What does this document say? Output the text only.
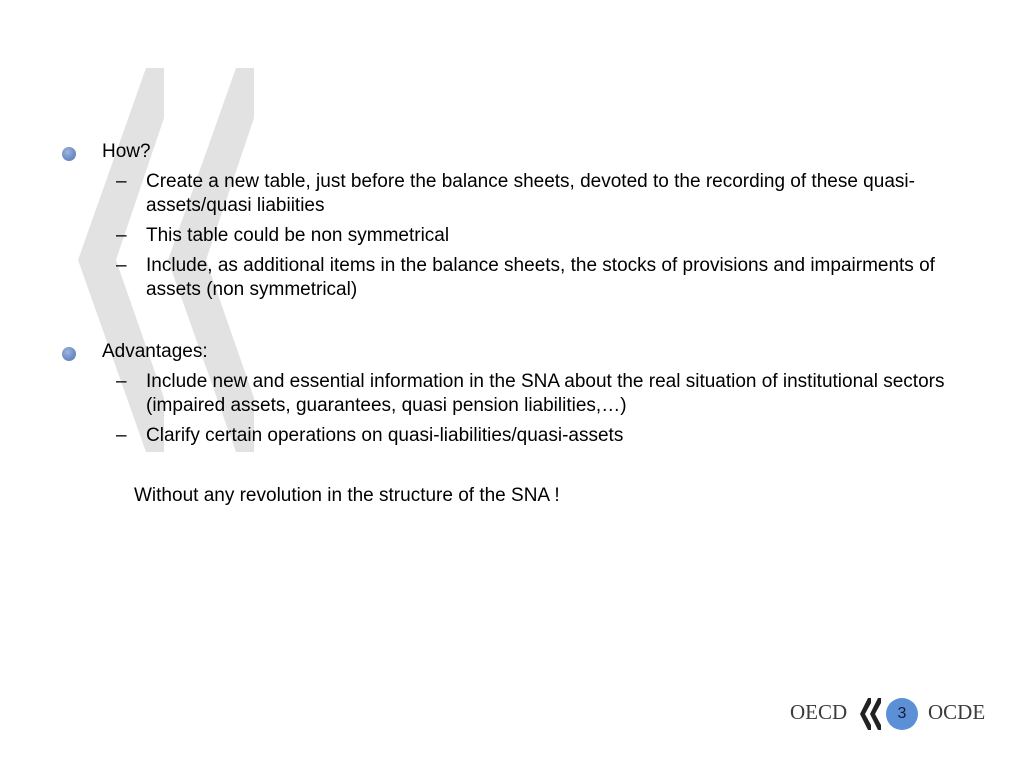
How?
– Create a new table, just before the balance sheets, devoted to the recording of these quasi-assets/quasi liabiities
– This table could be non symmetrical
– Include, as additional items in the balance sheets, the stocks of provisions and impairments of assets (non symmetrical)
Advantages:
– Include new and essential information in the SNA about the real situation of institutional sectors (impaired assets, guarantees, quasi pension liabilities,…)
– Clarify certain operations on quasi-liabilities/quasi-assets
Without any revolution in the structure of the SNA !
OECD	3	OCDE
